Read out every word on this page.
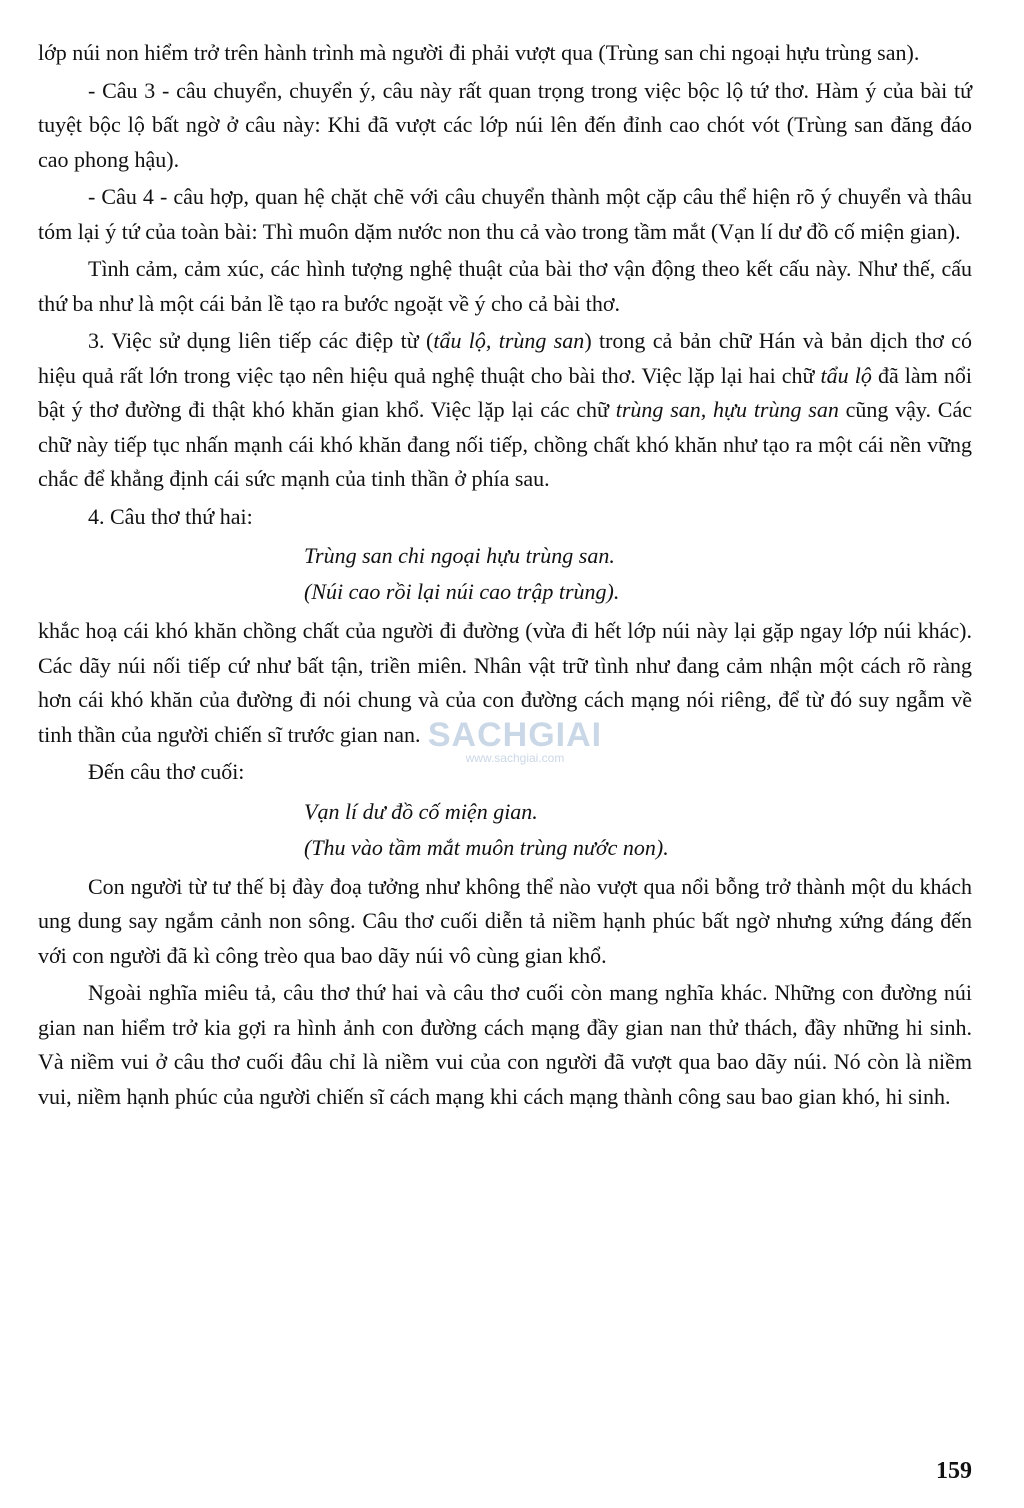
lớp núi non hiểm trở trên hành trình mà người đi phải vượt qua (Trùng san chi ngoại hựu trùng san).

- Câu 3 - câu chuyển, chuyển ý, câu này rất quan trọng trong việc bộc lộ tứ thơ. Hàm ý của bài tứ tuyệt bộc lộ bất ngờ ở câu này: Khi đã vượt các lớp núi lên đến đỉnh cao chót vót (Trùng san đăng đáo cao phong hậu).

- Câu 4 - câu hợp, quan hệ chặt chẽ với câu chuyển thành một cặp câu thể hiện rõ ý chuyển và thâu tóm lại ý tứ của toàn bài: Thì muôn dặm nước non thu cả vào trong tầm mắt (Vạn lí dư đồ cố miện gian).

Tình cảm, cảm xúc, các hình tượng nghệ thuật của bài thơ vận động theo kết cấu này. Như thế, cấu thứ ba như là một cái bản lề tạo ra bước ngoặt về ý cho cả bài thơ.

3. Việc sử dụng liên tiếp các điệp từ (tẩu lộ, trùng san) trong cả bản chữ Hán và bản dịch thơ có hiệu quả rất lớn trong việc tạo nên hiệu quả nghệ thuật cho bài thơ. Việc lặp lại hai chữ tẩu lộ đã làm nổi bật ý thơ đường đi thật khó khăn gian khổ. Việc lặp lại các chữ trùng san, hựu trùng san cũng vậy. Các chữ này tiếp tục nhấn mạnh cái khó khăn đang nối tiếp, chồng chất khó khăn như tạo ra một cái nền vững chắc để khẳng định cái sức mạnh của tinh thần ở phía sau.

4. Câu thơ thứ hai:

Trùng san chi ngoại hựu trùng san.

(Núi cao rồi lại núi cao trập trùng).

khắc hoạ cái khó khăn chồng chất của người đi đường (vừa đi hết lớp núi này lại gặp ngay lớp núi khác). Các dãy núi nối tiếp cứ như bất tận, triền miên. Nhân vật trữ tình như đang cảm nhận một cách rõ ràng hơn cái khó khăn của đường đi nói chung và của con đường cách mạng nói riêng, để từ đó suy ngẫm về tinh thần của người chiến sĩ trước gian nan.

Đến câu thơ cuối:

Vạn lí dư đồ cố miện gian.

(Thu vào tầm mắt muôn trùng nước non).

Con người từ tư thế bị đày đoạ tưởng như không thể nào vượt qua nổi bỗng trở thành một du khách ung dung say ngắm cảnh non sông. Câu thơ cuối diễn tả niềm hạnh phúc bất ngờ nhưng xứng đáng đến với con người đã kì công trèo qua bao dãy núi vô cùng gian khổ.

Ngoài nghĩa miêu tả, câu thơ thứ hai và câu thơ cuối còn mang nghĩa khác. Những con đường núi gian nan hiểm trở kia gợi ra hình ảnh con đường cách mạng đầy gian nan thử thách, đầy những hi sinh. Và niềm vui ở câu thơ cuối đâu chỉ là niềm vui của con người đã vượt qua bao dãy núi. Nó còn là niềm vui, niềm hạnh phúc của người chiến sĩ cách mạng khi cách mạng thành công sau bao gian khó, hi sinh.

SACHGIAI
www.sachgiai.com
159
